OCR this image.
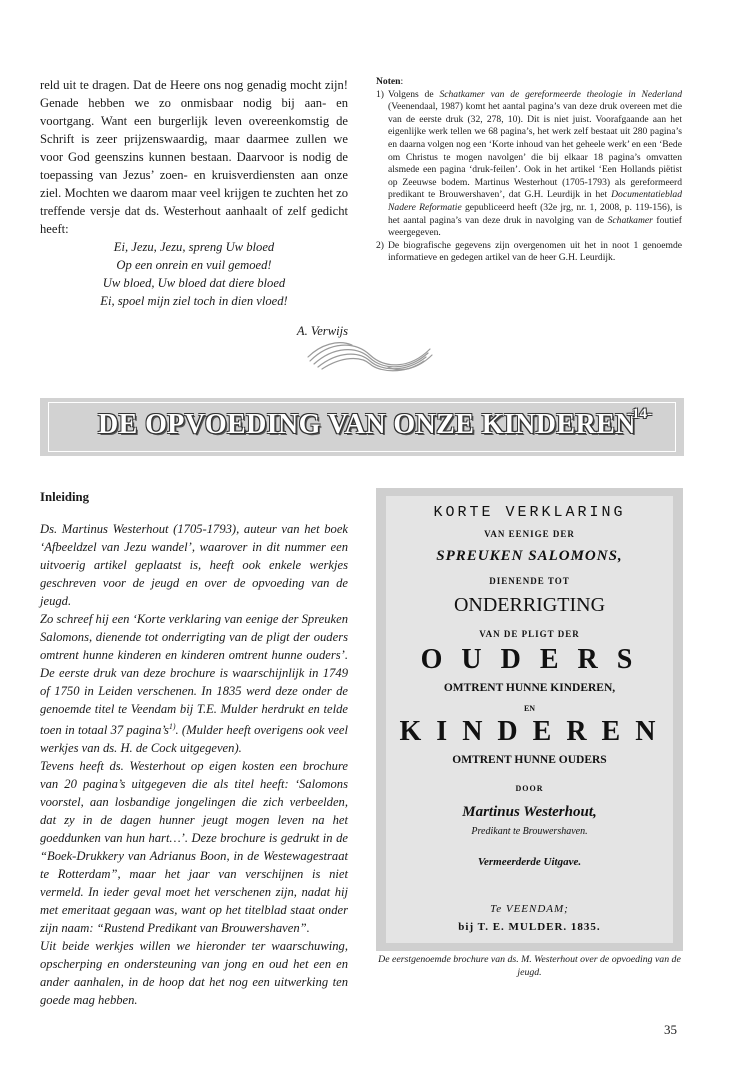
reld uit te dragen. Dat de Heere ons nog genadig mocht zijn! Genade hebben we zo onmisbaar nodig bij aan- en voortgang. Want een burgerlijk leven overeenkomstig de Schrift is zeer prijzenswaardig, maar daarmee zullen we voor God geenszins kunnen bestaan. Daarvoor is nodig de toepassing van Jezus’ zoen- en kruisverdiensten aan onze ziel. Mochten we daarom maar veel krijgen te zuchten het zo treffende versje dat ds. Westerhout aanhaalt of zelf gedicht heeft:

Ei, Jezu, Jezu, spreng Uw bloed
Op een onrein en vuil gemoed!
Uw bloed, Uw bloed dat diere bloed
Ei, spoel mijn ziel toch in dien vloed!
A. Verwijs
Noten:
1) Volgens de Schatkamer van de gereformeerde theologie in Nederland (Veenendaal, 1987) komt het aantal pagina’s van deze druk overeen met die van de eerste druk (32, 278, 10). Dit is niet juist. Voorafgaande aan het eigenlijke werk tellen we 68 pagina’s, het werk zelf bestaat uit 280 pagina’s en daarna volgen nog een ‘Korte inhoud van het geheele werk’ en een ‘Bede om Christus te mogen navolgen’ die bij elkaar 18 pagina’s omvatten alsmede een pagina ‘druk-feilen’. Ook in het artikel ‘Een Hollands piëtist op Zeeuwse bodem. Martinus Westerhout (1705-1793) als gereformeerd predikant te Brouwershaven’, dat G.H. Leurdijk in het Documentatieblad Nadere Reformatie gepubliceerd heeft (32e jrg, nr. 1, 2008, p. 119-156), is het aantal pagina’s van deze druk in navolging van de Schatkamer foutief weergegeven.
2) De biografische gegevens zijn overgenomen uit het in noot 1 genoemde informatieve en gedegen artikel van de heer G.H. Leurdijk.
DE OPVOEDING VAN ONZE KINDEREN
-14-
Inleiding

Ds. Martinus Westerhout (1705-1793), auteur van het boek ‘Afbeeldzel van Jezu wandel’, waarover in dit nummer een uitvoerig artikel geplaatst is, heeft ook enkele werkjes geschreven voor de jeugd en over de opvoeding van de jeugd.

Zo schreef hij een ‘Korte verklaring van eenige der Spreuken Salomons, dienende tot onderrigting van de pligt der ouders omtrent hunne kinderen en kinderen omtrent hunne ouders’. De eerste druk van deze brochure is waarschijnlijk in 1749 of 1750 in Leiden verschenen. In 1835 werd deze onder de genoemde titel te Veendam bij T.E. Mulder herdrukt en telde toen in totaal 37 $pagina’s^{1)}$. (Mulder heeft overigens ook veel werkjes van ds. H. de Cock uitgegeven).

Tevens heeft ds. Westerhout op eigen kosten een brochure van 20 pagina’s uitgegeven die als titel heeft: ‘Salomons voorstel, aan losbandige jongelingen die zich verbeelden, dat zy in de dagen hunner jeugt mogen leven na het goeddunken van hun hart…’. Deze brochure is gedrukt in de “Boek-Drukkery van Adrianus Boon, in de Westewagestraat te Rotterdam”, maar het jaar van verschijnen is niet vermeld. In ieder geval moet het verschenen zijn, nadat hij met emeritaat gegaan was, want op het titelblad staat onder zijn naam: “Rustend Predikant van Brouwershaven”.

Uit beide werkjes willen we hieronder ter waarschuwing, opscherping en ondersteuning van jong en oud het een en ander aanhalen, in de hoop dat het nog een uitwerking ten goede mag hebben.

KORTE VERKLARING
VAN EENIGE DER
SPREUKEN SALOMONS,
DIENENDE TOT
ONDERRIGTING
VAN DE PLIGT DER
O U D E R S
OMTRENT HUNNE KINDEREN,
EN
K I N D E R E N
OMTRENT HUNNE OUDERS
DOOR
Martinus Westerhout,
Predikant te Brouwershaven.
Vermeerderde Uitgave.
Te VEENDAM;
bij T. E. MULDER. 1835.
De eerstgenoemde brochure van ds. M. Westerhout over de opvoeding van de jeugd.
35
